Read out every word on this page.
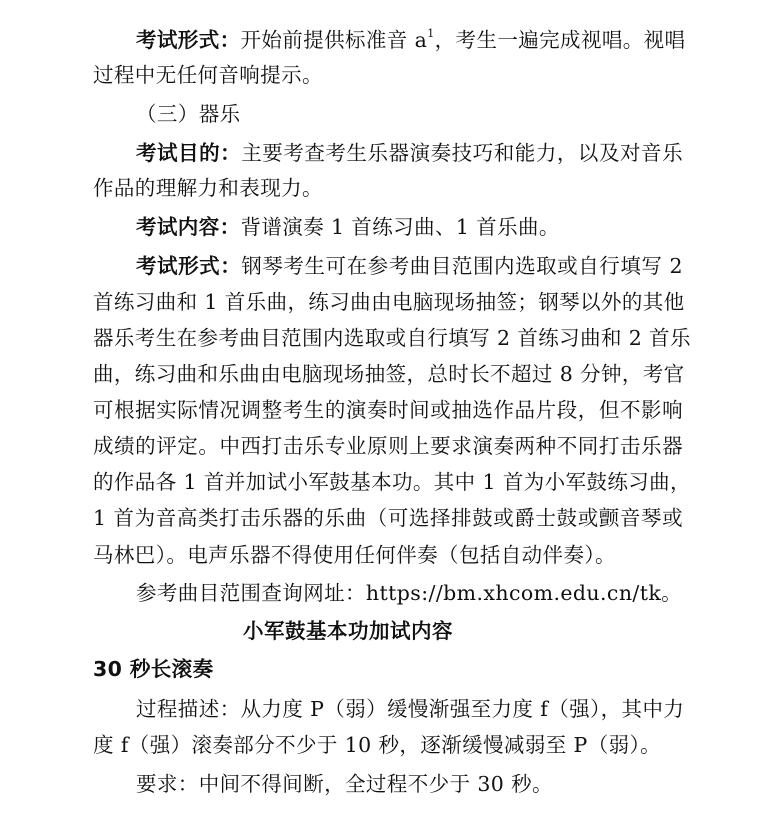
考试形式：开始前提供标准音 $a^1$，考生一遍完成视唱。视唱
过程中无任何音响提示。
（三）器乐
考试目的：主要考查考生乐器演奏技巧和能力，以及对音乐
作品的理解力和表现力。
考试内容：背谱演奏 1 首练习曲、1 首乐曲。
考试形式：钢琴考生可在参考曲目范围内选取或自行填写 2
首练习曲和 1 首乐曲，练习曲由电脑现场抽签；钢琴以外的其他
器乐考生在参考曲目范围内选取或自行填写 2 首练习曲和 2 首乐
曲，练习曲和乐曲由电脑现场抽签，总时长不超过 8 分钟，考官
可根据实际情况调整考生的演奏时间或抽选作品片段，但不影响
成绩的评定。中西打击乐专业原则上要求演奏两种不同打击乐器
的作品各 1 首并加试小军鼓基本功。其中 1 首为小军鼓练习曲，
1 首为音高类打击乐器的乐曲（可选择排鼓或爵士鼓或颤音琴或
马林巴）。电声乐器不得使用任何伴奏（包括自动伴奏）。
参考曲目范围查询网址：https://bm.xhcom.edu.cn/tk。
小军鼓基本功加试内容
30 秒长滚奏
过程描述：从力度 P（弱）缓慢渐强至力度 f（强），其中力
度 f（强）滚奏部分不少于 10 秒，逐渐缓慢减弱至 P（弱）。
要求：中间不得间断，全过程不少于 30 秒。
